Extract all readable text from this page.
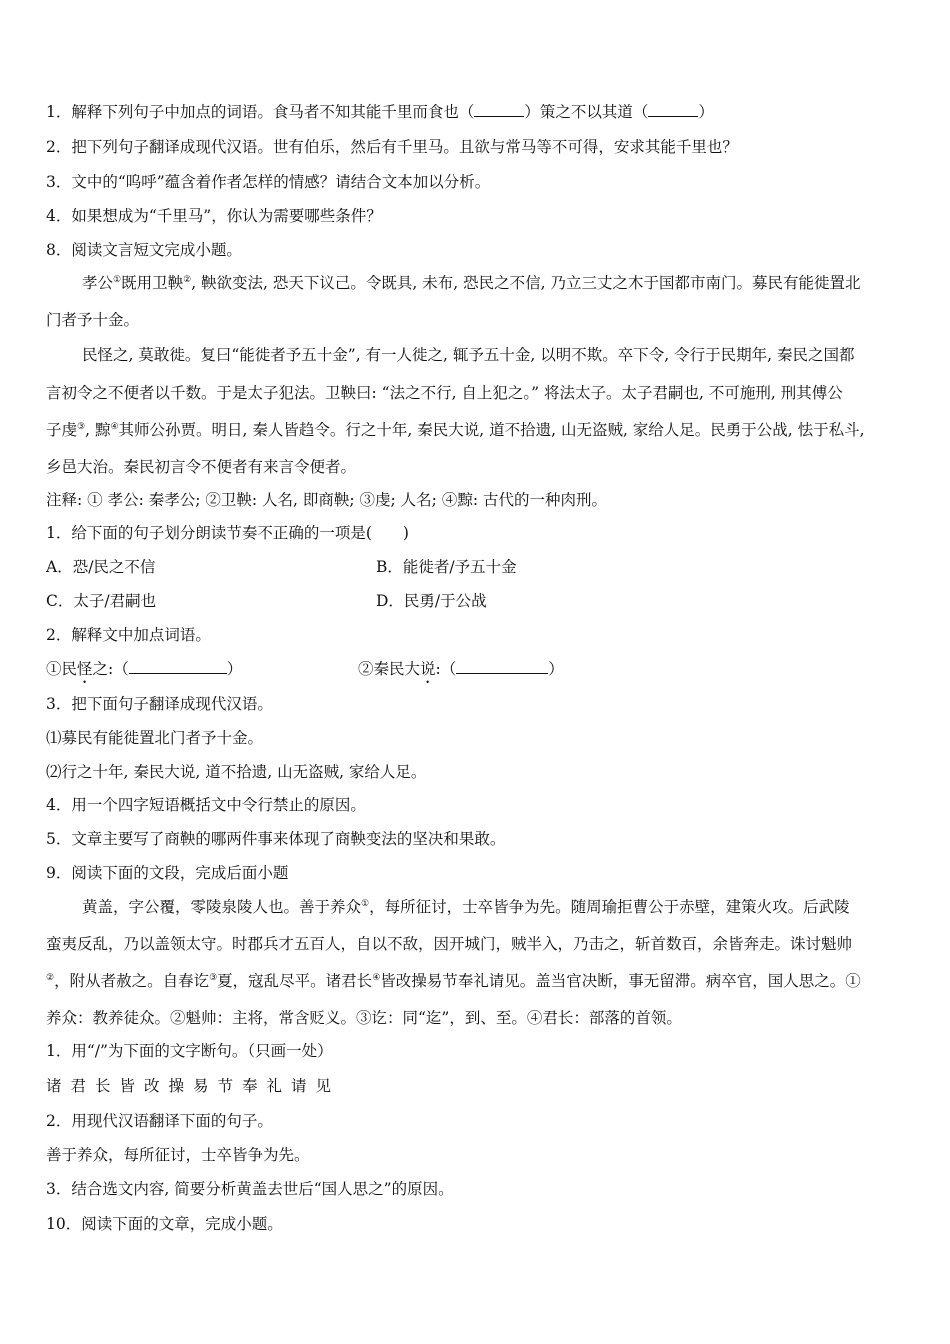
1．解释下列句子中加点的词语。食马者不知其能千里而食也（	）策之不以其道（	）
2．把下列句子翻译成现代汉语。世有伯乐，然后有千里马。且欲与常马等不可得，安求其能千里也？
3．文中的“呜呼”蕴含着作者怎样的情感？请结合文本加以分析。
4．如果想成为“千里马”，你认为需要哪些条件？
8．阅读文言短文完成小题。
孝公①既用卫鞅②, 鞅欲变法, 恐天下议己。令既具, 未布, 恐民之不信, 乃立三丈之木于国都市南门。募民有能徙置北
门者予十金。
民怪之, 莫敢徙。复曰“能徙者予五十金”, 有一人徙之, 辄予五十金, 以明不欺。卒下令, 令行于民期年, 秦民之国都
言初令之不便者以千数。于是太子犯法。卫鞅曰: “法之不行, 自上犯之。” 将法太子。太子君嗣也, 不可施刑, 刑其傅公
子虔③, 黥④其师公孙贾。明日, 秦人皆趋令。行之十年, 秦民大说, 道不拾遗, 山无盗贼, 家给人足。民勇于公战, 怯于私斗,
乡邑大治。秦民初言令不便者有来言令便者。
注释: ① 孝公: 秦孝公; ②卫鞅: 人名, 即商鞅; ③虔; 人名; ④黥: 古代的一种肉刑。
1．给下面的句子划分朗读节奏不正确的一项是(　　)
A．恐/民之不信	B．能徙者/予五十金
C．太子/君嗣也	D．民勇/于公战
2．解释文中加点词语。
①民怪之:（	）	②秦民大说:（	）
3．把下面句子翻译成现代汉语。
⑴募民有能徙置北门者予十金。
⑵行之十年, 秦民大说, 道不拾遗, 山无盗贼, 家给人足。
4．用一个四字短语概括文中令行禁止的原因。
5．文章主要写了商鞅的哪两件事来体现了商鞅变法的坚决和果敢。
9．阅读下面的文段，完成后面小题
黄盖，字公覆，零陵泉陵人也。善于养众①，每所征讨，士卒皆争为先。随周瑜拒曹公于赤壁，建策火攻。后武陵
蛮夷反乱，乃以盖领太守。时郡兵才五百人，自以不敌，因开城门，贼半入，乃击之，斩首数百，余皆奔走。诛讨魁帅
②，附从者赦之。自春讫③夏，寇乱尽平。诸君长④皆改操易节奉礼请见。盖当官决断，事无留滞。病卒官，国人思之。①
养众：教养徒众。②魁帅：主将，常含贬义。③讫：同“迄”，到、至。④君长：部落的首领。
1．用“/”为下面的文字断句。（只画一处）
诸君长皆改操易节奉礼请见
2．用现代汉语翻译下面的句子。
善于养众，每所征讨，士卒皆争为先。
3．结合选文内容, 简要分析黄盖去世后“国人思之”的原因。
10．阅读下面的文章，完成小题。
